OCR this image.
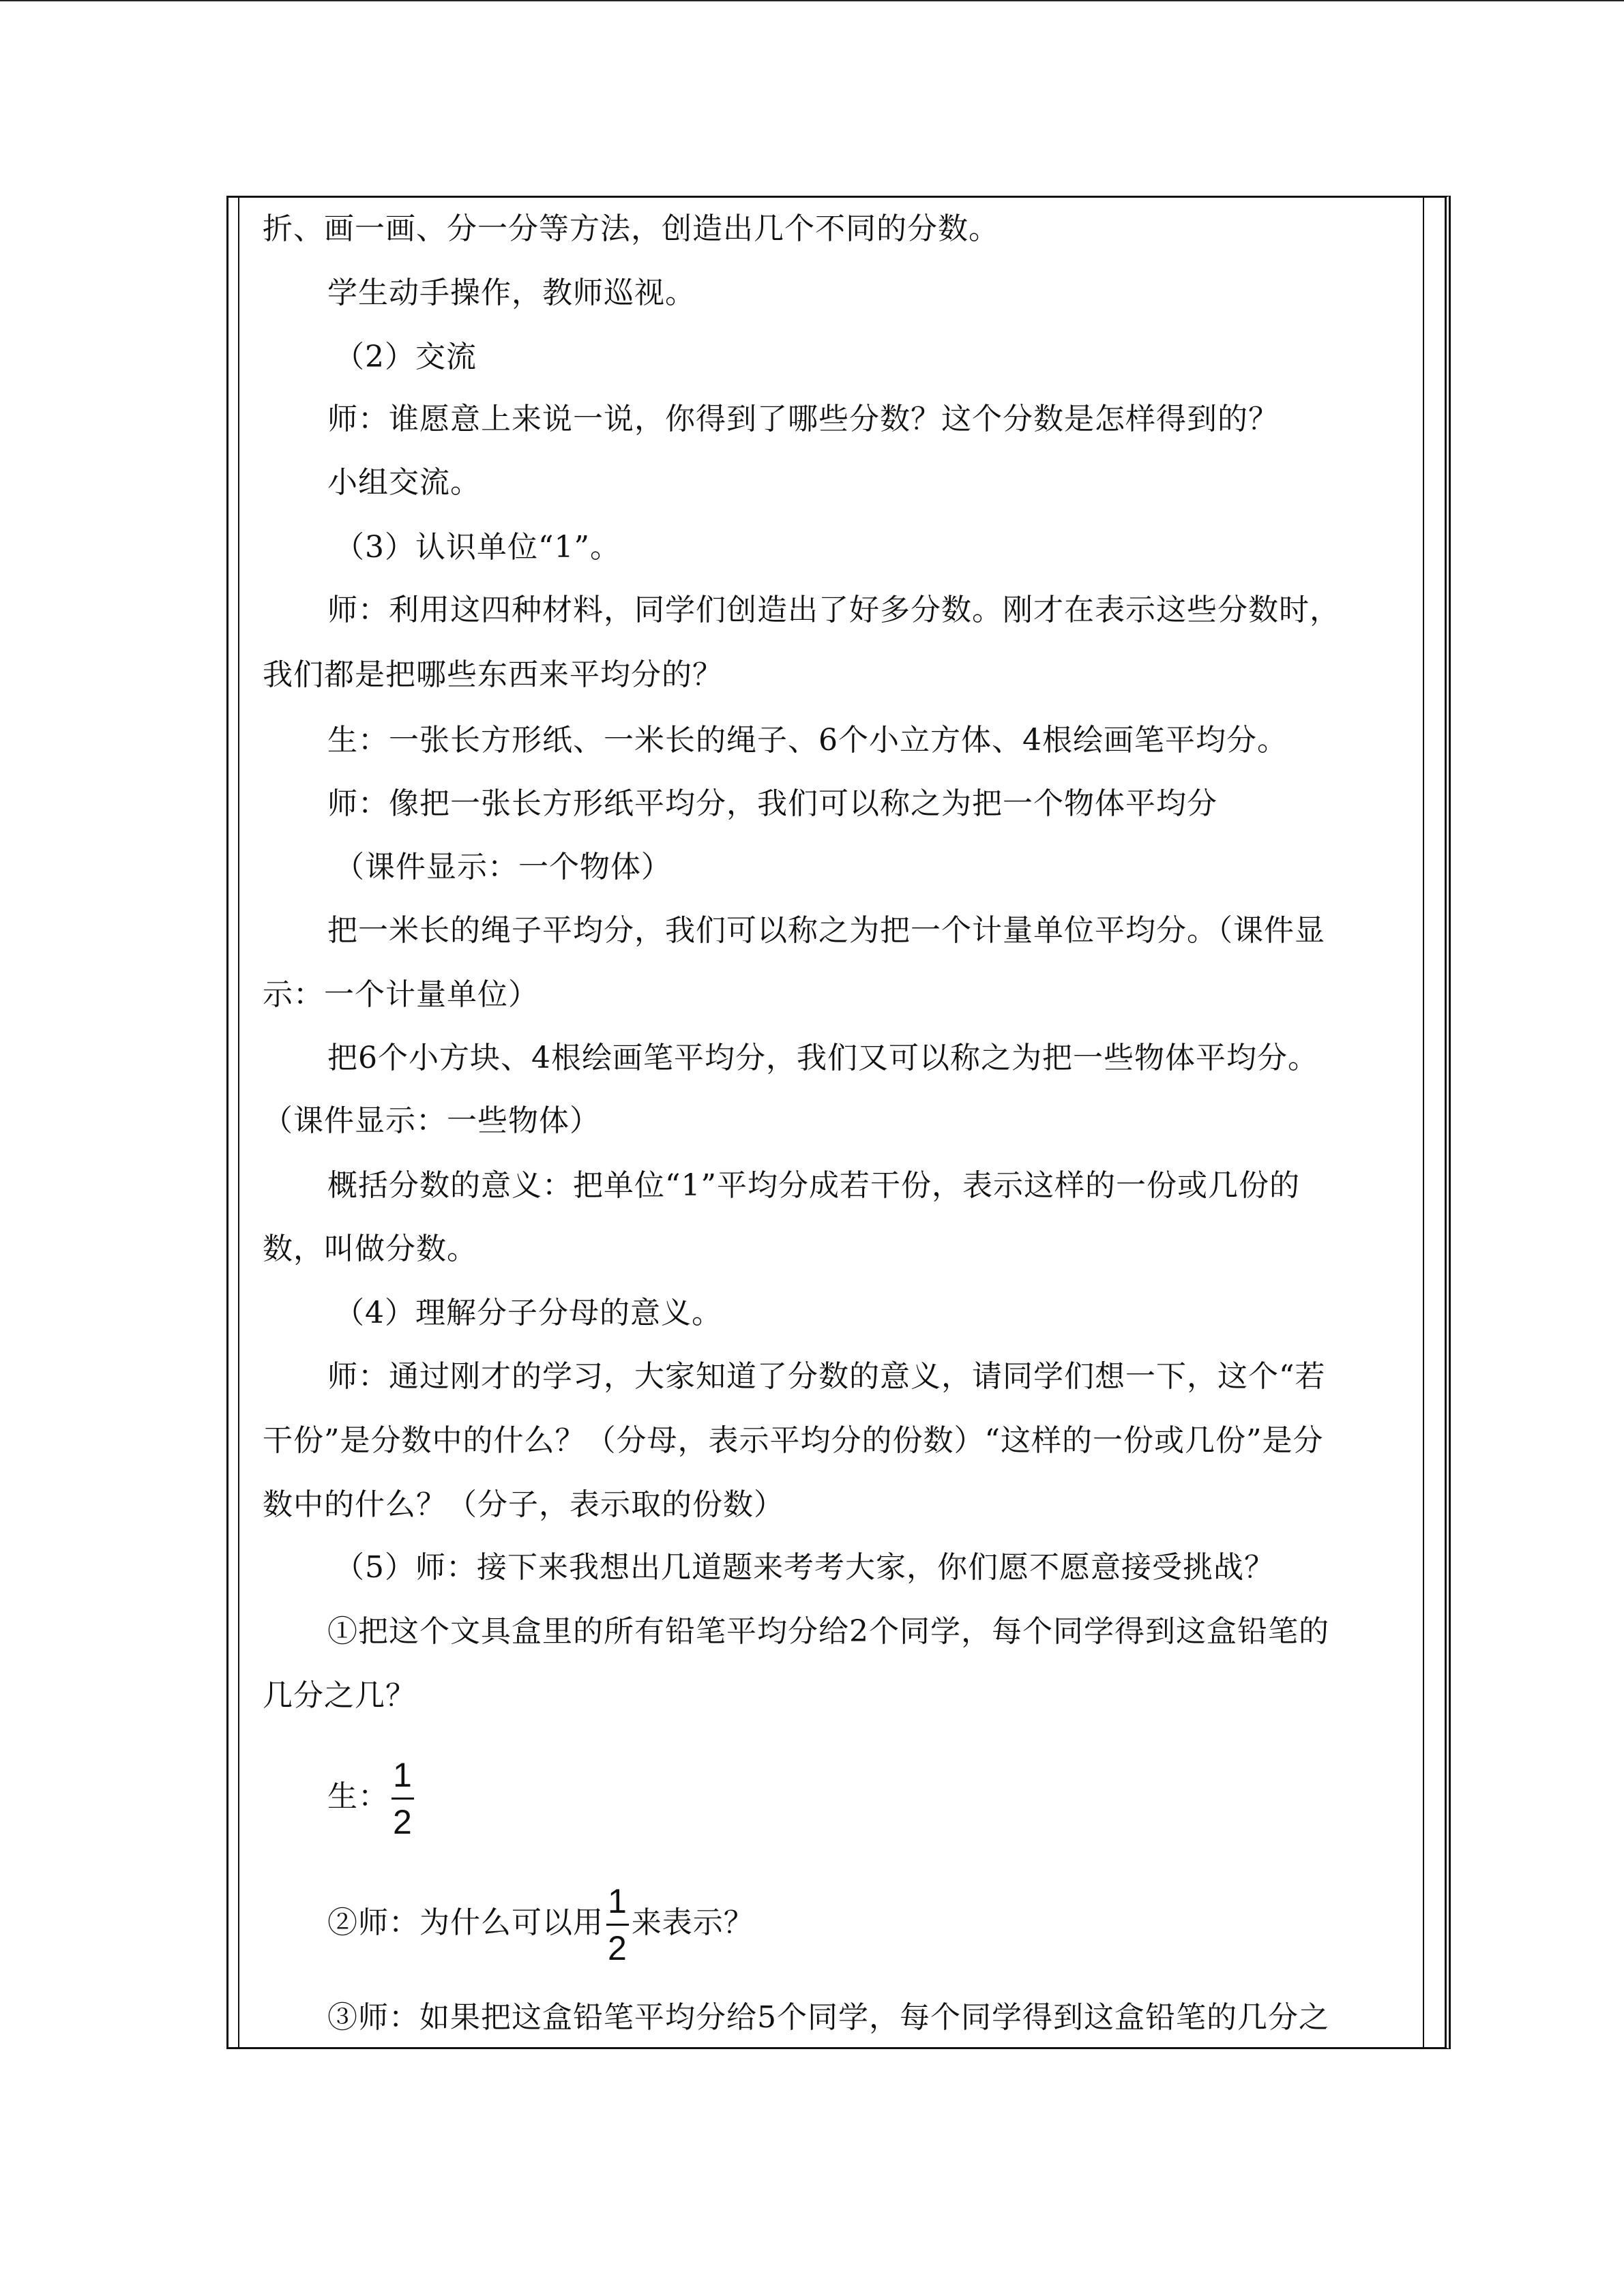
折、画一画、分一分等方法，创造出几个不同的分数。
学生动手操作，教师巡视。
（2）交流
师：谁愿意上来说一说，你得到了哪些分数？这个分数是怎样得到的？
小组交流。
（3）认识单位“1”。
师：利用这四种材料，同学们创造出了好多分数。刚才在表示这些分数时，
我们都是把哪些东西来平均分的？
生：一张长方形纸、一米长的绳子、6个小立方体、4根绘画笔平均分。
师：像把一张长方形纸平均分，我们可以称之为把一个物体平均分
（课件显示：一个物体）
把一米长的绳子平均分，我们可以称之为把一个计量单位平均分。（课件显
示：一个计量单位）
把6个小方块、4根绘画笔平均分，我们又可以称之为把一些物体平均分。
（课件显示：一些物体）
概括分数的意义：把单位“1”平均分成若干份，表示这样的一份或几份的
数，叫做分数。
（4）理解分子分母的意义。
师：通过刚才的学习，大家知道了分数的意义，请同学们想一下，这个“若
干份”是分数中的什么？（分母，表示平均分的份数）“这样的一份或几份”是分
数中的什么？（分子，表示取的份数）
（5）师：接下来我想出几道题来考考大家，你们愿不愿意接受挑战？
①把这个文具盒里的所有铅笔平均分给2个同学，每个同学得到这盒铅笔的
几分之几？
生： $\frac{1}{2}$
②师：为什么可以用 $\frac{1}{2}$ 来表示？
③师：如果把这盒铅笔平均分给5个同学，每个同学得到这盒铅笔的几分之
